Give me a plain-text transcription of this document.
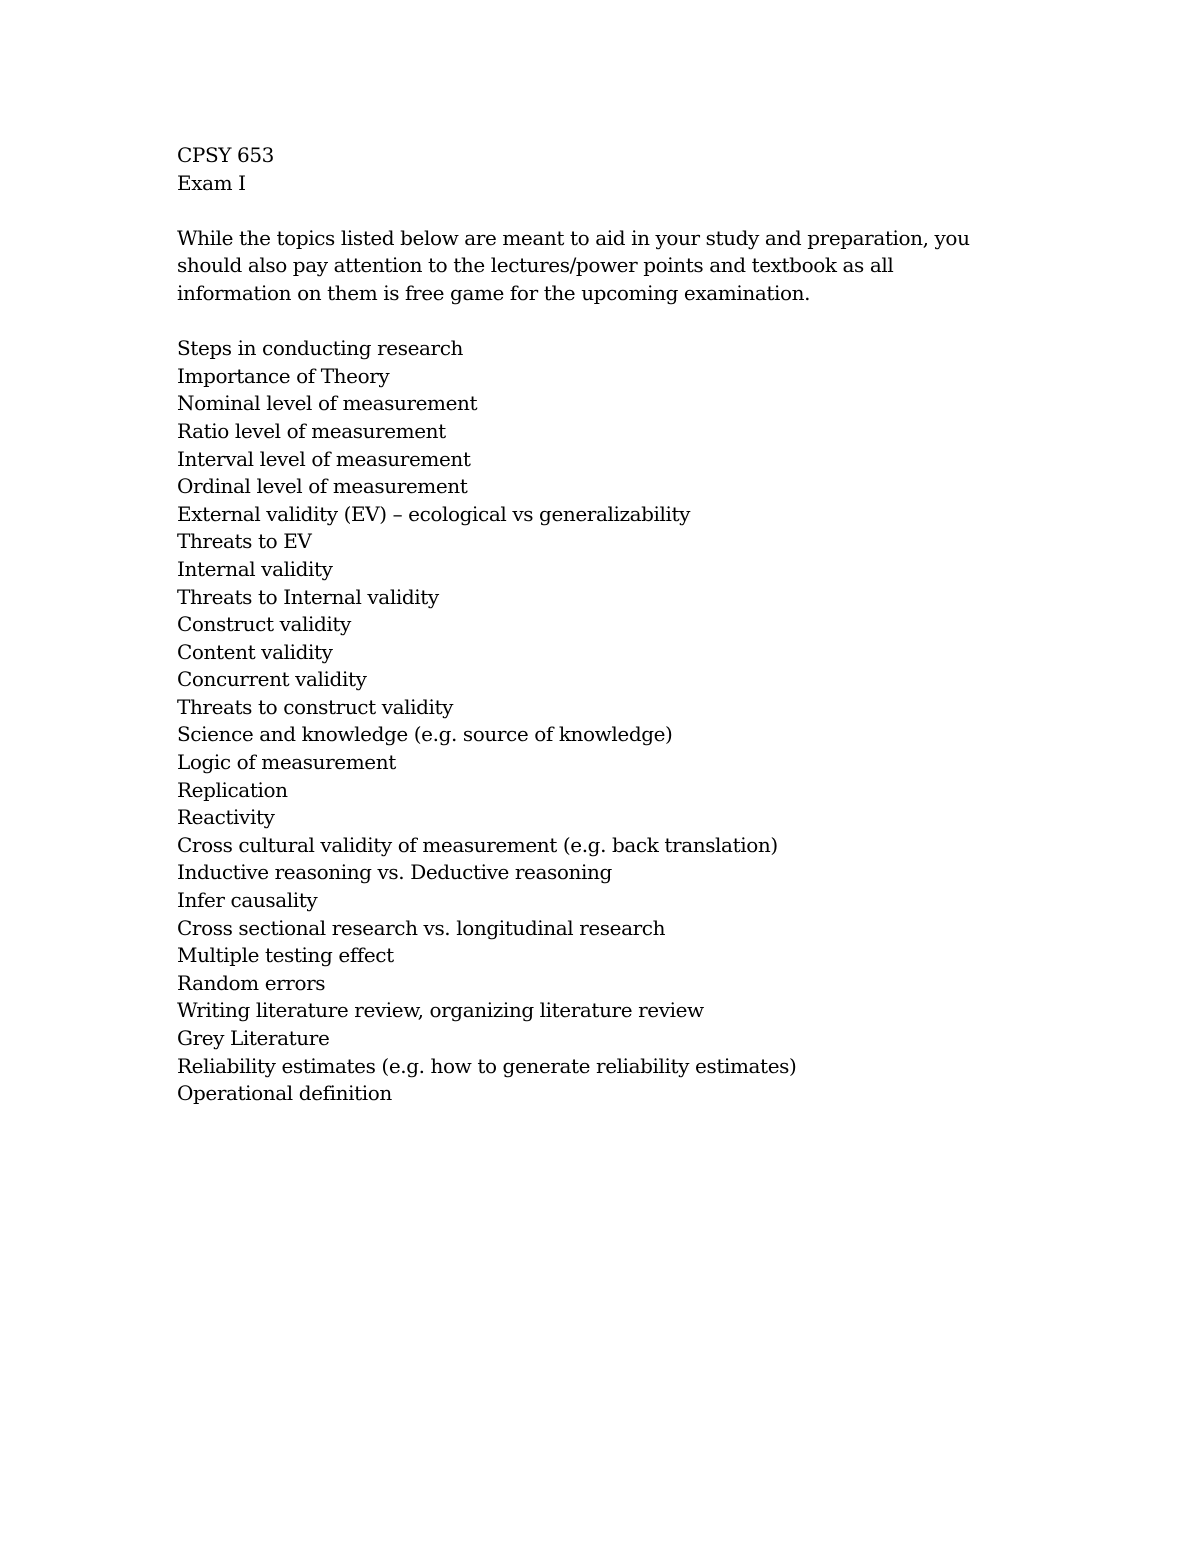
CPSY 653
Exam I
While the topics listed below are meant to aid in your study and preparation, you
should also pay attention to the lectures/power points and textbook as all
information on them is free game for the upcoming examination.
Steps in conducting research
Importance of Theory
Nominal level of measurement
Ratio level of measurement
Interval level of measurement
Ordinal level of measurement
External validity (EV) – ecological vs generalizability
Threats to EV
Internal validity
Threats to Internal validity
Construct validity
Content validity
Concurrent validity
Threats to construct validity
Science and knowledge (e.g. source of knowledge)
Logic of measurement
Replication
Reactivity
Cross cultural validity of measurement (e.g. back translation)
Inductive reasoning vs. Deductive reasoning
Infer causality
Cross sectional research vs. longitudinal research
Multiple testing effect
Random errors
Writing literature review, organizing literature review
Grey Literature
Reliability estimates (e.g. how to generate reliability estimates)
Operational definition
